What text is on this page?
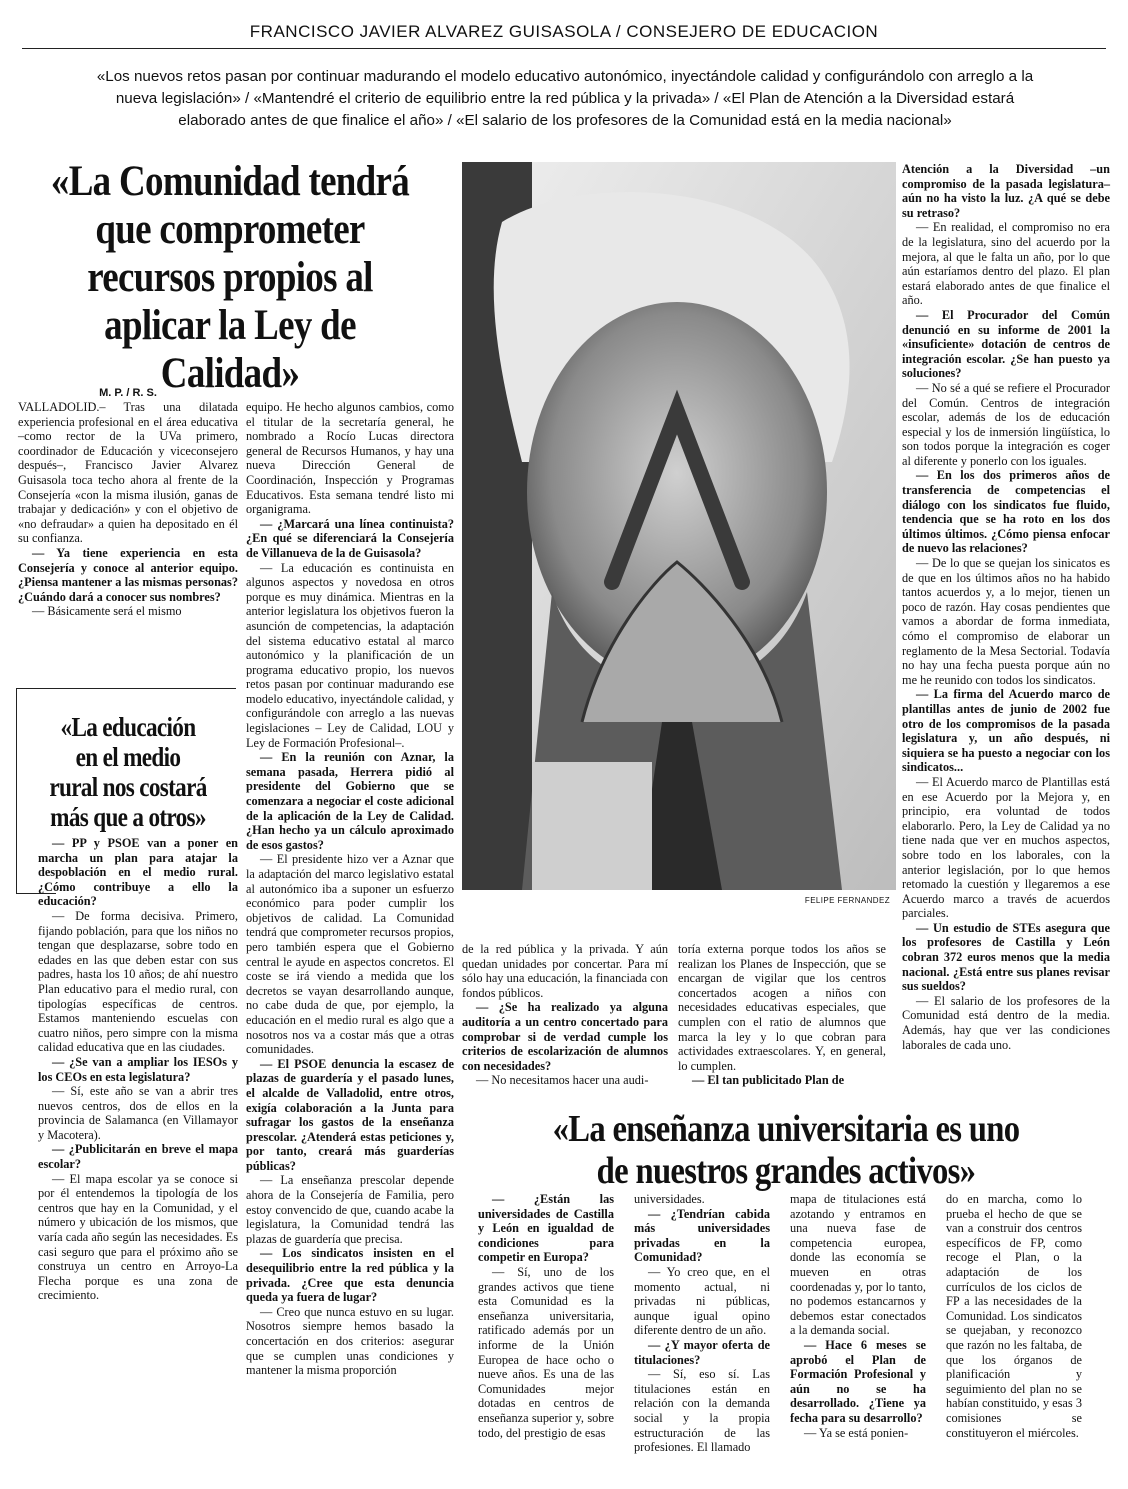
FRANCISCO JAVIER ALVAREZ GUISASOLA / CONSEJERO DE EDUCACION
«Los nuevos retos pasan por continuar madurando el modelo educativo autonómico, inyectándole calidad y configurándolo con arreglo a la
nueva legislación» / «Mantendré el criterio de equilibrio entre la red pública y la privada» / «El Plan de Atención a la Diversidad estará
elaborado antes de que finalice el año» / «El salario de los profesores de la Comunidad está en la media nacional»
«La Comunidad tendrá
que comprometer
recursos propios al
aplicar la Ley de Calidad»
M. P. / R. S.

VALLADOLID.– Tras una dilatada experiencia profesional en el área educativa –como rector de la UVa primero, coordinador de Educación y viceconsejero después–, Francisco Javier Alvarez Guisasola toca techo ahora al frente de la Consejería «con la misma ilusión, ganas de trabajar y dedicación» y con el objetivo de «no defraudar» a quien ha depositado en él su confianza.

— Ya tiene experiencia en esta Consejería y conoce al anterior equipo. ¿Piensa mantener a las mismas personas? ¿Cuándo dará a conocer sus nombres?

— Básicamente será el mismo

«La educación
en el medio
rural nos costará
más que a otros»

— PP y PSOE van a poner en marcha un plan para atajar la despoblación en el medio rural. ¿Cómo contribuye a ello la educación?

— De forma decisiva. Primero, fijando población, para que los niños no tengan que desplazarse, sobre todo en edades en las que deben estar con sus padres, hasta los 10 años; de ahí nuestro Plan educativo para el medio rural, con tipologías específicas de centros. Estamos manteniendo escuelas con cuatro niños, pero simpre con la misma calidad educativa que en las ciudades.

— ¿Se van a ampliar los IESOs y los CEOs en esta legislatura?

— Sí, este año se van a abrir tres nuevos centros, dos de ellos en la provincia de Salamanca (en Villamayor y Macotera).

— ¿Publicitarán en breve el mapa escolar?

— El mapa escolar ya se conoce si por él entendemos la tipología de los centros que hay en la Comunidad, y el número y ubicación de los mismos, que varía cada año según las necesidades. Es casi seguro que para el próximo año se construya un centro en Arroyo-La Flecha porque es una zona de crecimiento.

equipo. He hecho algunos cambios, como el titular de la secretaría general, he nombrado a Rocío Lucas directora general de Recursos Humanos, y hay una nueva Dirección General de Coordinación, Inspección y Programas Educativos. Esta semana tendré listo mi organigrama.

— ¿Marcará una línea continuista? ¿En qué se diferenciará la Consejería de Villanueva de la de Guisasola?

— La educación es continuista en algunos aspectos y novedosa en otros porque es muy dinámica. Mientras en la anterior legislatura los objetivos fueron la asunción de competencias, la adaptación del sistema educativo estatal al marco autonómico y la planificación de un programa educativo propio, los nuevos retos pasan por continuar madurando ese modelo educativo, inyectándole calidad, y configurándole con arreglo a las nuevas legislaciones – Ley de Calidad, LOU y Ley de Formación Profesional–.

— En la reunión con Aznar, la semana pasada, Herrera pidió al presidente del Gobierno que se comenzara a negociar el coste adicional de la aplicación de la Ley de Calidad. ¿Han hecho ya un cálculo aproximado de esos gastos?

— El presidente hizo ver a Aznar que la adaptación del marco legislativo estatal al autonómico iba a suponer un esfuerzo económico para poder cumplir los objetivos de calidad. La Comunidad tendrá que comprometer recursos propios, pero también espera que el Gobierno central le ayude en aspectos concretos. El coste se irá viendo a medida que los decretos se vayan desarrollando aunque, no cabe duda de que, por ejemplo, la educación en el medio rural es algo que a nosotros nos va a costar más que a otras comunidades.

— El PSOE denuncia la escasez de plazas de guardería y el pasado lunes, el alcalde de Valladolid, entre otros, exigía colaboración a la Junta para sufragar los gastos de la enseñanza prescolar. ¿Atenderá estas peticiones y, por tanto, creará más guarderías públicas?

— La enseñanza prescolar depende ahora de la Consejería de Familia, pero estoy convencido de que, cuando acabe la legislatura, la Comunidad tendrá las plazas de guardería que precisa.

— Los sindicatos insisten en el desequilibrio entre la red pública y la privada. ¿Cree que esta denuncia queda ya fuera de lugar?

— Creo que nunca estuvo en su lugar. Nosotros siempre hemos basado la concertación en dos criterios: asegurar que se cumplen unas condiciones y mantener la misma proporción

FELIPE FERNANDEZ

de la red pública y la privada. Y aún quedan unidades por concertar. Para mí sólo hay una educación, la financiada con fondos públicos.

— ¿Se ha realizado ya alguna auditoría a un centro concertado para comprobar si de verdad cumple los criterios de escolarización de alumnos con necesidades?

— No necesitamos hacer una audi-

toría externa porque todos los años se realizan los Planes de Inspección, que se encargan de vigilar que los centros concertados acogen a niños con necesidades educativas especiales, que cumplen con el ratio de alumnos que marca la ley y lo que cobran para actividades extraescolares. Y, en general, lo cumplen.

— El tan publicitado Plan de

Atención a la Diversidad –un compromiso de la pasada legislatura– aún no ha visto la luz. ¿A qué se debe su retraso?

— En realidad, el compromiso no era de la legislatura, sino del acuerdo por la mejora, al que le falta un año, por lo que aún estaríamos dentro del plazo. El plan estará elaborado antes de que finalice el año.

— El Procurador del Común denunció en su informe de 2001 la «insuficiente» dotación de centros de integración escolar. ¿Se han puesto ya soluciones?

— No sé a qué se refiere el Procurador del Común. Centros de integración escolar, además de los de educación especial y los de inmersión lingüística, lo son todos porque la integración es coger al diferente y ponerlo con los iguales.

— En los dos primeros años de transferencia de competencias el diálogo con los sindicatos fue fluido, tendencia que se ha roto en los dos últimos últimos. ¿Cómo piensa enfocar de nuevo las relaciones?

— De lo que se quejan los sinicatos es de que en los últimos años no ha habido tantos acuerdos y, a lo mejor, tienen un poco de razón. Hay cosas pendientes que vamos a abordar de forma inmediata, cómo el compromiso de elaborar un reglamento de la Mesa Sectorial. Todavía no hay una fecha puesta porque aún no me he reunido con todos los sindicatos.

— La firma del Acuerdo marco de plantillas antes de junio de 2002 fue otro de los compromisos de la pasada legislatura y, un año después, ni siquiera se ha puesto a negociar con los sindicatos...

— El Acuerdo marco de Plantillas está en ese Acuerdo por la Mejora y, en principio, era voluntad de todos elaborarlo. Pero, la Ley de Calidad ya no tiene nada que ver en muchos aspectos, sobre todo en los laborales, con la anterior legislación, por lo que hemos retomado la cuestión y llegaremos a ese Acuerdo marco a través de acuerdos parciales.

— Un estudio de STEs asegura que los profesores de Castilla y León cobran 372 euros menos que la media nacional. ¿Está entre sus planes revisar sus sueldos?

— El salario de los profesores de la Comunidad está dentro de la media. Además, hay que ver las condiciones laborales de cada uno.

«La enseñanza universitaria es uno
de nuestros grandes activos»

— ¿Están las universidades de Castilla y León en igualdad de condiciones para competir en Europa?

— Sí, uno de los grandes activos que tiene esta Comunidad es la enseñanza universitaria, ratificado además por un informe de la Unión Europea de hace ocho o nueve años. Es una de las Comunidades mejor dotadas en centros de enseñanza superior y, sobre todo, del prestigio de esas

universidades.

— ¿Tendrían cabida más universidades privadas en la Comunidad?

— Yo creo que, en el momento actual, ni privadas ni públicas, aunque igual opino diferente dentro de un año.

— ¿Y mayor oferta de titulaciones?

— Sí, eso sí. Las titulaciones están en relación con la demanda social y la propia estructuración de las profesiones. El llamado

mapa de titulaciones está azotando y entramos en una nueva fase de competencia europea, donde las economía se mueven en otras coordenadas y, por lo tanto, no podemos estancarnos y debemos estar conectados a la demanda social.

— Hace 6 meses se aprobó el Plan de Formación Profesional y aún no se ha desarrollado. ¿Tiene ya fecha para su desarrollo?

— Ya se está ponien-

do en marcha, como lo prueba el hecho de que se van a construir dos centros específicos de FP, como recoge el Plan, o la adaptación de los currículos de los ciclos de FP a las necesidades de la Comunidad. Los sindicatos se quejaban, y reconozco que razón no les faltaba, de que los órganos de planificación y seguimiento del plan no se habían constituido, y esas 3 comisiones se constituyeron el miércoles.
